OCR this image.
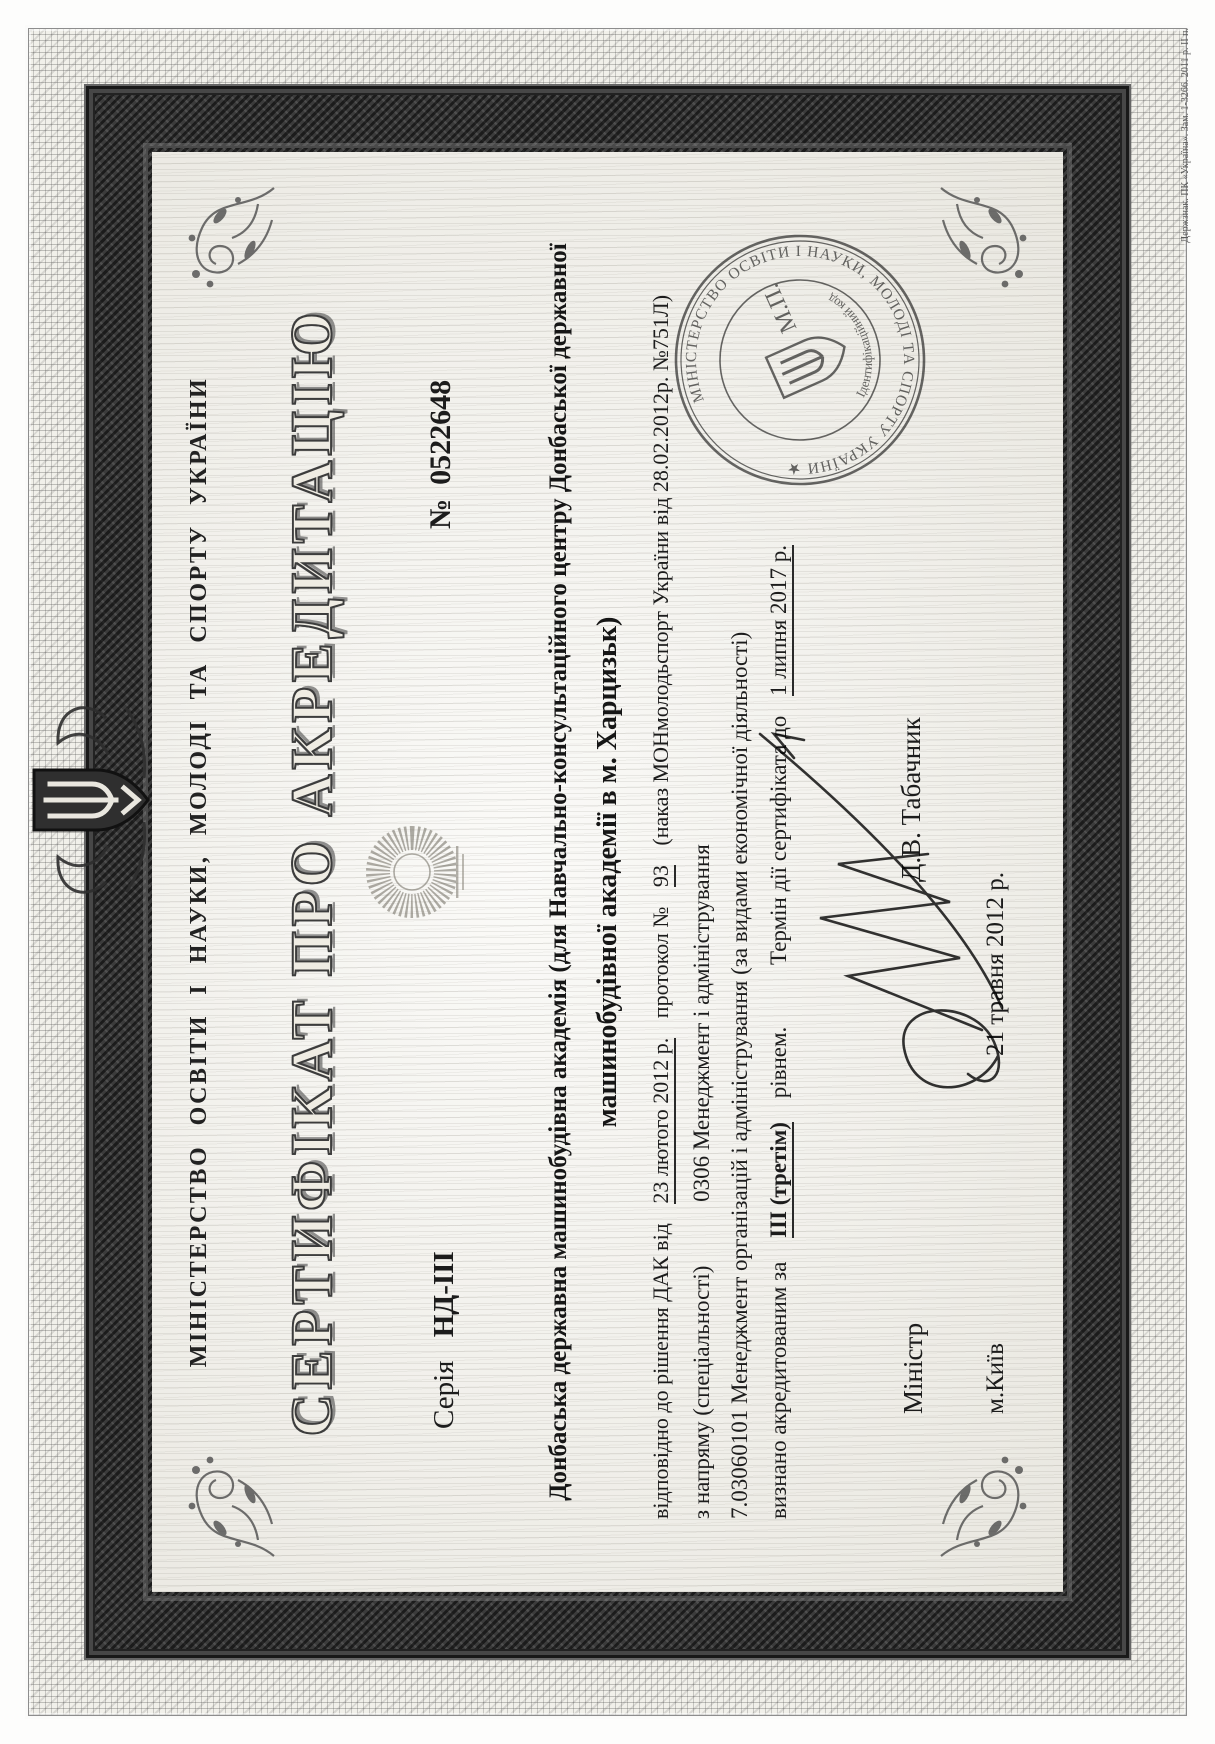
МІНІСТЕРСТВО ОСВІТИ І НАУКИ, МОЛОДІ ТА СПОРТУ УКРАЇНИ СЕРТИФІКАТ ПРО АКРЕДИТАЦІЮ	Серія НД-ІІІ
№0522648	Донбаська державна машинобудівна академія (для Навчально-консультаційного центру Донбаської державної машинобудівної академії в м. Харцизьк)
відповідно до рішення ДАК від 23 лютого 2012 р. протокол № 93 (наказ МОНмолодьспорт України від 28.02.2012р. №751Л)
з напряму (спеціальності) 0306 Менеджмент і адміністрування 7.03060101 Менеджмент організацій і адміністрування (за видами економічної діяльності) визнано акредитованим за ІІІ (третім) рівнем. Термін дії сертифіката до 1 липня 2017 р.
Міністр
Д.В. Табачник
м.Київ
21 травня 2012 р.
МІНІСТЕРСТВО ОСВІТИ І НАУКИ, МОЛОДІ ТА СПОРТУ УКРАЇНИ ★
Ідентифікаційний код
М.П.
Держзнак. ПК «Україна». Зам. 1-3266. 2011 р. ІІ п.
